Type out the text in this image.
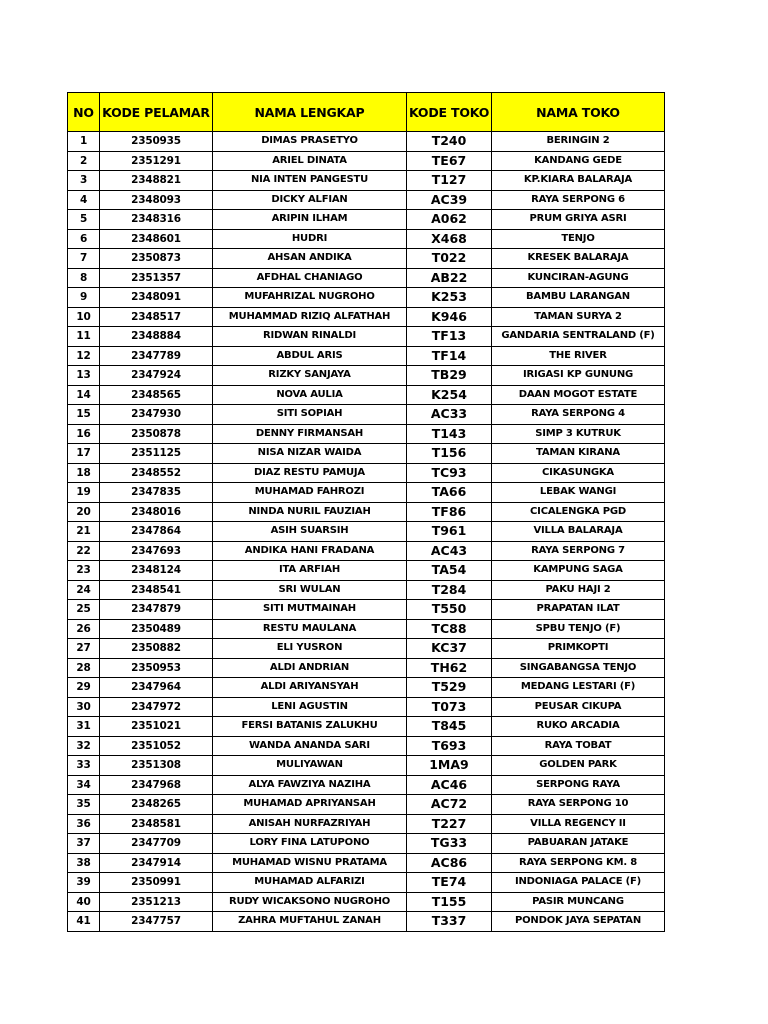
NO	KODE PELAMAR	NAMA LENGKAP	KODE TOKO	NAMA TOKO
1	2350935	DIMAS PRASETYO	T240	BERINGIN 2
2	2351291	ARIEL DINATA	TE67	KANDANG GEDE
3	2348821	NIA INTEN PANGESTU	T127	KP.KIARA BALARAJA
4	2348093	DICKY ALFIAN	AC39	RAYA SERPONG 6
5	2348316	ARIPIN ILHAM	A062	PRUM GRIYA ASRI
6	2348601	HUDRI	X468	TENJO
7	2350873	AHSAN ANDIKA	T022	KRESEK BALARAJA
8	2351357	AFDHAL CHANIAGO	AB22	KUNCIRAN-AGUNG
9	2348091	MUFAHRIZAL NUGROHO	K253	BAMBU LARANGAN
10	2348517	MUHAMMAD RIZIQ ALFATHAH	K946	TAMAN SURYA 2
11	2348884	RIDWAN RINALDI	TF13	GANDARIA SENTRALAND (F)
12	2347789	ABDUL ARIS	TF14	THE RIVER
13	2347924	RIZKY SANJAYA	TB29	IRIGASI KP GUNUNG
14	2348565	NOVA AULIA	K254	DAAN MOGOT ESTATE
15	2347930	SITI SOPIAH	AC33	RAYA SERPONG 4
16	2350878	DENNY FIRMANSAH	T143	SIMP 3 KUTRUK
17	2351125	NISA NIZAR WAIDA	T156	TAMAN KIRANA
18	2348552	DIAZ RESTU PAMUJA	TC93	CIKASUNGKA
19	2347835	MUHAMAD FAHROZI	TA66	LEBAK WANGI
20	2348016	NINDA NURIL FAUZIAH	TF86	CICALENGKA PGD
21	2347864	ASIH SUARSIH	T961	VILLA BALARAJA
22	2347693	ANDIKA HANI FRADANA	AC43	RAYA SERPONG 7
23	2348124	ITA ARFIAH	TA54	KAMPUNG SAGA
24	2348541	SRI WULAN	T284	PAKU HAJI 2
25	2347879	SITI MUTMAINAH	T550	PRAPATAN ILAT
26	2350489	RESTU MAULANA	TC88	SPBU TENJO (F)
27	2350882	ELI YUSRON	KC37	PRIMKOPTI
28	2350953	ALDI ANDRIAN	TH62	SINGABANGSA TENJO
29	2347964	ALDI ARIYANSYAH	T529	MEDANG LESTARI (F)
30	2347972	LENI AGUSTIN	T073	PEUSAR CIKUPA
31	2351021	FERSI BATANIS ZALUKHU	T845	RUKO ARCADIA
32	2351052	WANDA ANANDA SARI	T693	RAYA TOBAT
33	2351308	MULIYAWAN	1MA9	GOLDEN PARK
34	2347968	ALYA FAWZIYA NAZIHA	AC46	SERPONG RAYA
35	2348265	MUHAMAD APRIYANSAH	AC72	RAYA SERPONG 10
36	2348581	ANISAH NURFAZRIYAH	T227	VILLA REGENCY II
37	2347709	LORY FINA LATUPONO	TG33	PABUARAN JATAKE
38	2347914	MUHAMAD WISNU PRATAMA	AC86	RAYA SERPONG KM. 8
39	2350991	MUHAMAD ALFARIZI	TE74	INDONIAGA PALACE (F)
40	2351213	RUDY WICAKSONO NUGROHO	T155	PASIR MUNCANG
41	2347757	ZAHRA MUFTAHUL ZANAH	T337	PONDOK JAYA SEPATAN
